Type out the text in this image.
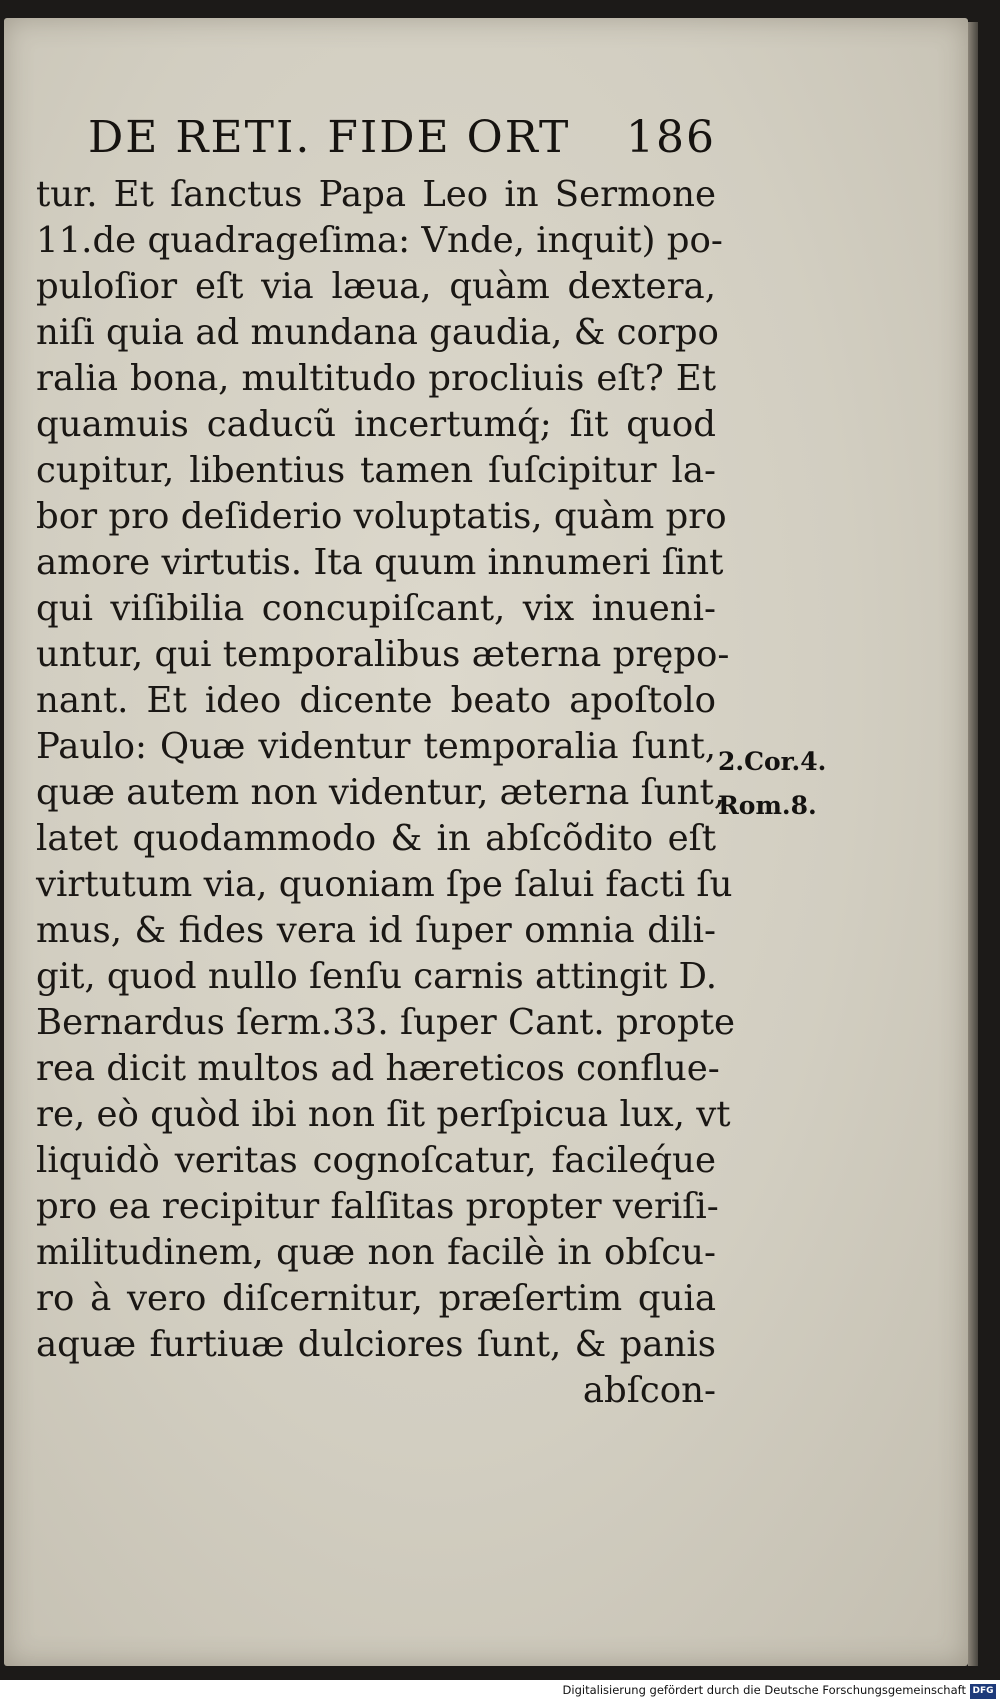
DE RETI. FIDE ORT 186
tur. Et ſanctus Papa Leo in Sermone
11.de quadrageſima: Vnde, inquit) po-
puloſior eſt via læua, quàm dextera,
niſi quia ad mundana gaudia, & corpo
ralia bona, multitudo procliuis eſt? Et
quamuis caducũ incertumq́; ſit quod
cupitur, libentius tamen ſuſcipitur la-
bor pro deſiderio voluptatis, quàm pro
amore virtutis. Ita quum innumeri ſint
qui viſibilia concupiſcant, vix inueni-
untur, qui temporalibus æterna prępo-
nant. Et ideo dicente beato apoſtolo
Paulo: Quæ videntur temporalia ſunt,
quæ autem non videntur, æterna ſunt,
latet quodammodo & in abſcõdito eſt
virtutum via, quoniam ſpe ſalui facti ſu
mus, & fides vera id ſuper omnia dili-
git, quod nullo ſenſu carnis attingit D.
Bernardus ſerm.33. ſuper Cant. propte
rea dicit multos ad hæreticos conflue-
re, eò quòd ibi non ſit perſpicua lux, vt
liquidò veritas cognoſcatur, facileq́ue
pro ea recipitur falſitas propter veriſi-
militudinem, quæ non facilè in obſcu-
ro à vero diſcernitur, præſertim quia
aquæ furtiuæ dulciores ſunt, & panis
abſcon-
2.Cor.4.
Rom.8.
Digitalisierung gefördert durch die Deutsche Forschungsgemeinschaft DFG
